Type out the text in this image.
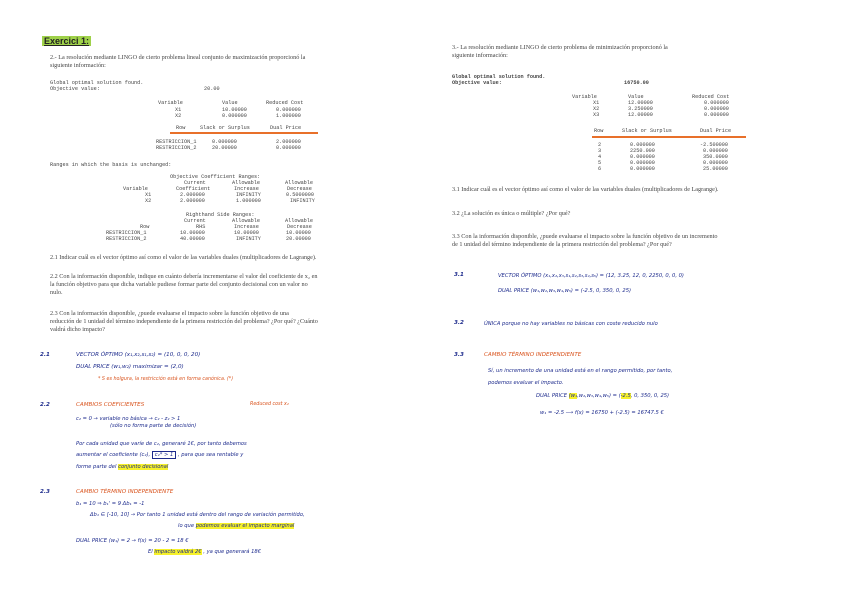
Exercici 1:
2.- La resolución mediante LINGO de cierto problema lineal conjunto de maximización proporcionó la
siguiente información:
Global optimal solution found.
Objective value:	20.00
Variable	Value	Reduced Cost
X1	10.00000	0.000000
X2	0.000000	1.000000
Row	Slack or Surplus	Dual Price
RESTRICCION_1	0.000000	2.000000
RESTRICCION_2	20.00000	0.000000
Ranges in which the basis is unchanged:
Objective Coefficient Ranges:
Current	Allowable	Allowable
Variable	Coefficient	Increase	Decrease
X1	2.000000	INFINITY	0.5000000
X2	2.000000	1.000000	INFINITY
Righthand Side Ranges:
Current	Allowable	Allowable
Row	RHS	Increase	Decrease
RESTRICCION_1	10.00000	10.00000	10.00000
RESTRICCION_2	40.00000	INFINITY	20.00000
2.1 Indicar cuál es el vector óptimo así como el valor de las variables duales (multiplicadores de Lagrange).
2.2 Con la información disponible, indique en cuánto debería incrementarse el valor del coeficiente de x₂ en
la función objetivo para que dicha variable pudiese formar parte del conjunto decisional con un valor no
nulo.
2.3 Con la información disponible, ¿puede evaluarse el impacto sobre la función objetivo de una
reducción de 1 unidad del término independiente de la primera restricción del problema? ¿Por qué? ¿Cuánto
valdrá dicho impacto?
2.1	VECTOR ÓPTIMO (x₁,x₂,s₁,s₂) = (10, 0, 0, 20)
DUAL PRICE (w₁,w₂) maximizar = (2,0)
* S es holgura, la restricción está en forma canónica. (*)
2.2	CAMBIOS COEFICIENTES	Reduced cost x₂
c₂ = 0 → variable no básica → c₂ - z₂ > 1
(sólo no forma parte de decisión)
Por cada unidad que varíe de c₂, generaré 1€, por tanto debemos
aumentar el coeficiente (c₂), c₂* > 1 , para que sea rentable y
forme parte del conjunto decisional
2.3	CAMBIO TÉRMINO INDEPENDIENTE
b₁ = 10 ⇒ b₁' = 9 Δb₁ = -1
Δb₁ ∈ [-10, 10] → Por tanto 1 unidad está dentro del rango de variación permitido,
lo que podemos evaluar el impacto marginal
DUAL PRICE (w₁) = 2 → f(x) = 20 - 2 = 18 €
El impacto valdrá 2€ , ya que generará 18€
3.- La resolución mediante LINGO de cierto problema de minimización proporcionó la
siguiente información:
Global optimal solution found.
Objective value:	16750.00
Variable	Value	Reduced Cost
X1	12.00000	0.000000
X2	3.250000	0.000000
X3	12.00000	0.000000
Row	Slack or Surplus	Dual Price
2	0.000000	-2.500000
3	2250.000	0.000000
4	0.000000	350.0000
5	0.000000	0.000000
6	0.000000	25.00000
3.1 Indicar cuál es el vector óptimo así como el valor de las variables duales (multiplicadores de Lagrange).
3.2 ¿La solución es única o múltiple? ¿Por qué?
3.3 Con la información disponible, ¿puede evaluarse el impacto sobre la función objetivo de un incremento
de 1 unidad del término independiente de la primera restricción del problema? ¿Por qué?
3.1	VECTOR ÓPTIMO (x₁,x₂,x₃,s₁,s₂,s₃,s₄,s₅) = (12, 3.25, 12, 0, 2250, 0, 0, 0)
DUAL PRICE (w₁,w₂,w₃,w₄,w₅) = (-2.5, 0, 350, 0, 25)
3.2	ÚNICA porque no hay variables no básicas con coste reducido nulo
3.3	CAMBIO TÉRMINO INDEPENDIENTE
Sí, un incremento de una unidad está en el rango permitido, por tanto,
podemos evaluar el impacto.
DUAL PRICE (w₁,w₂,w₃,w₄,w₅) = (-2.5, 0, 350, 0, 25)
w₁ = -2.5 ⟶ f(x) = 16750 + (-2.5) = 16747.5 €
